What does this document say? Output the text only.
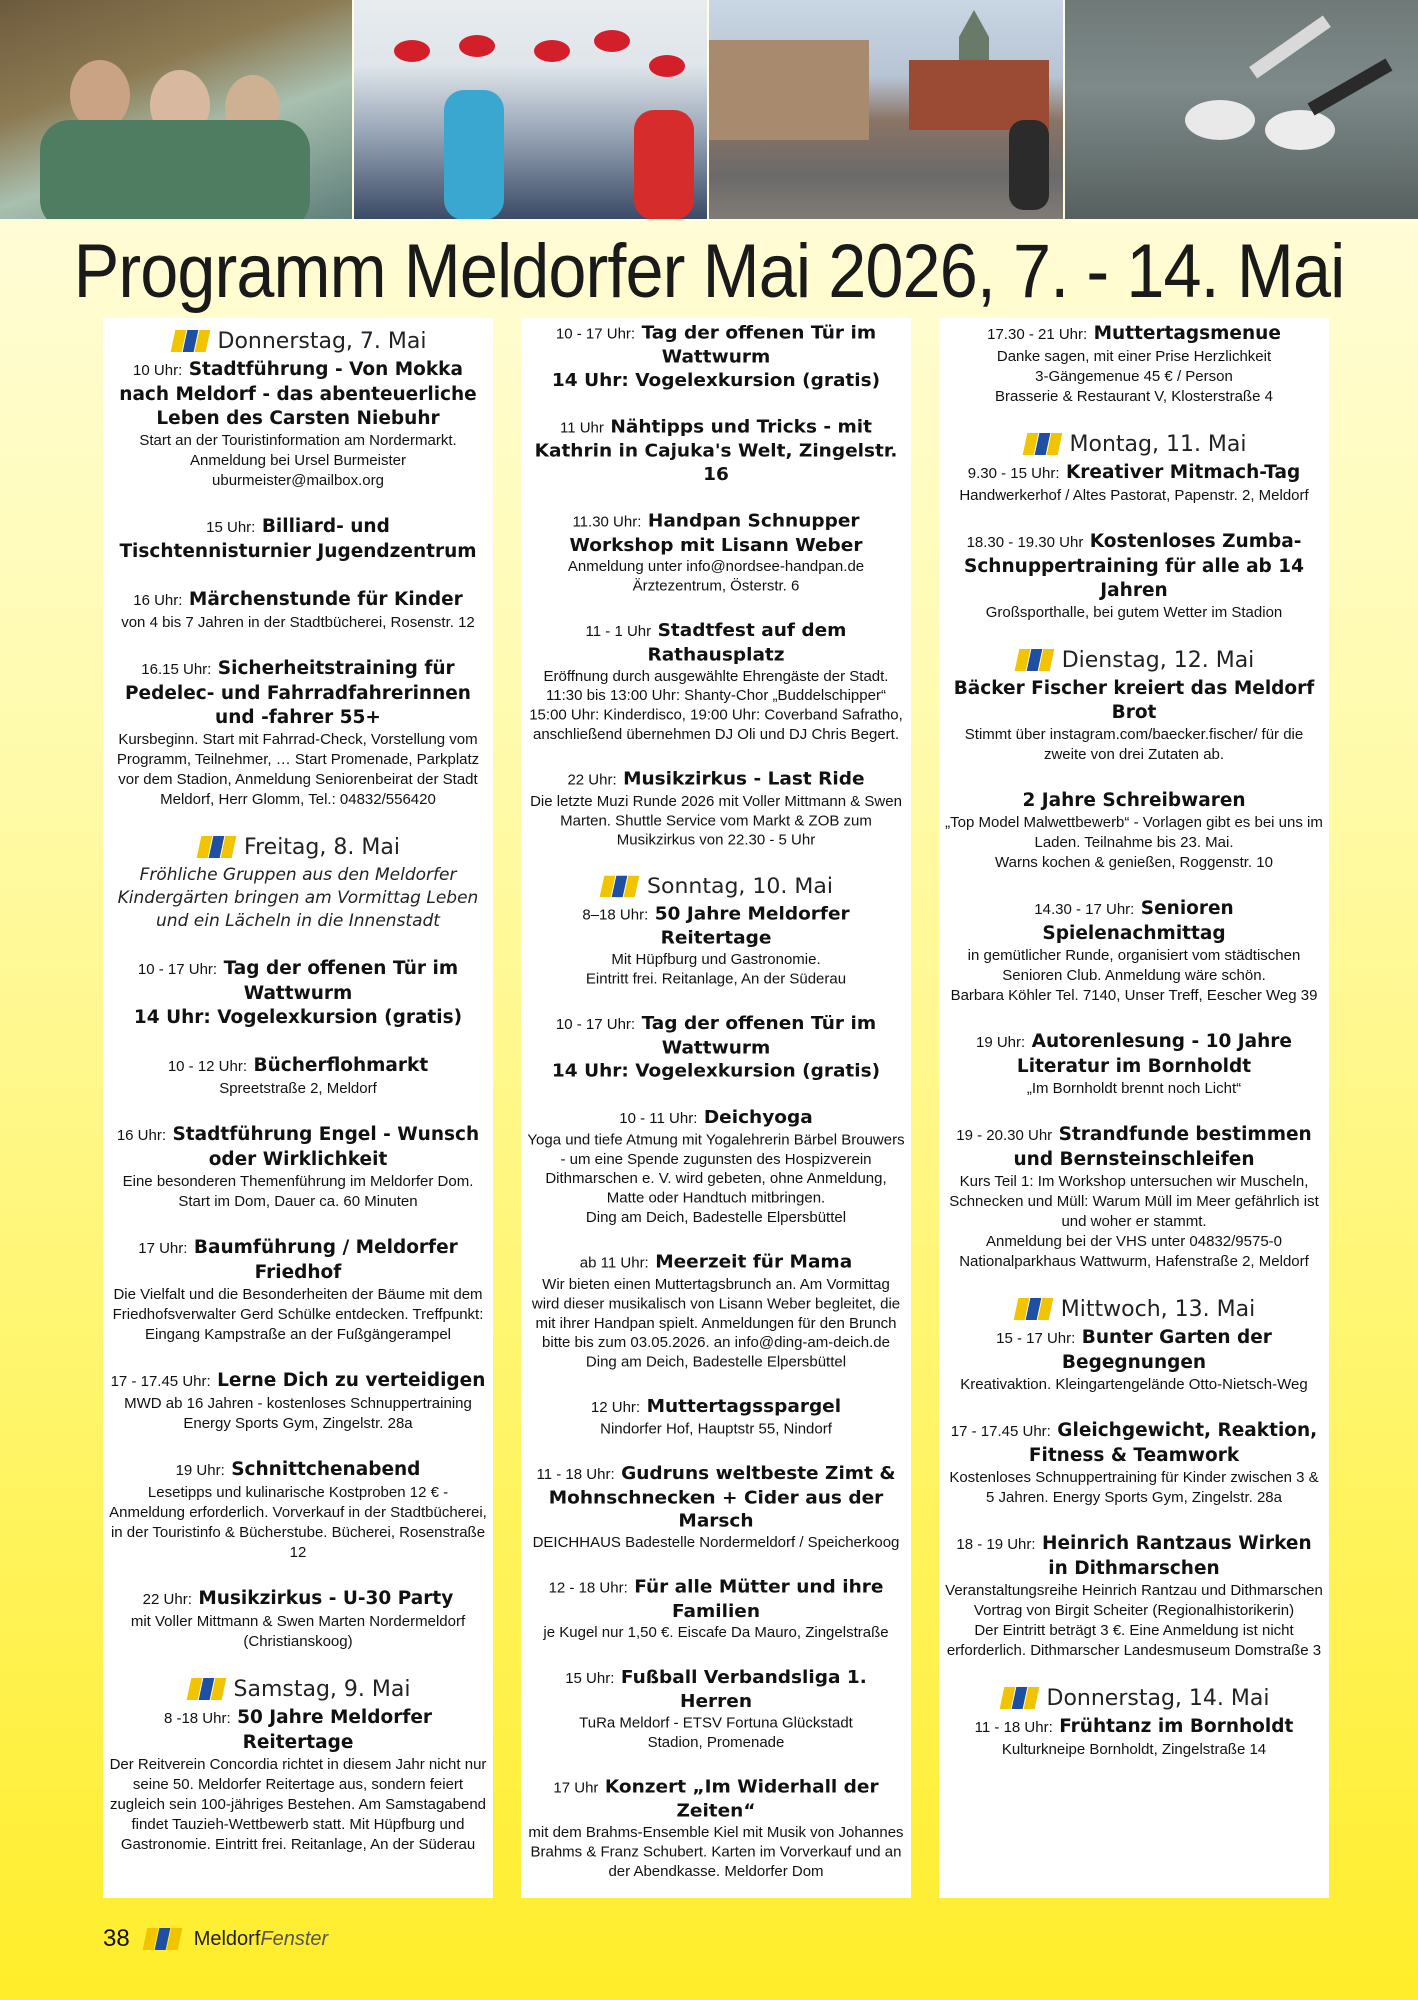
Programm Meldorfer Mai 2026, 7. - 14. Mai
Donnerstag, 7. Mai
10 Uhr: Stadtführung - Von Mokka nach Meldorf - das abenteuerliche Leben des Carsten Niebuhr
Start an der Touristinformation am Nordermarkt.
Anmeldung bei Ursel Burmeister uburmeister@mailbox.org
15 Uhr: Billiard- und Tischtennisturnier Jugendzentrum
16 Uhr: Märchenstunde für Kinder
von 4 bis 7 Jahren in der Stadtbücherei, Rosenstr. 12
16.15 Uhr: Sicherheitstraining für Pedelec- und Fahrradfahrerinnen und -fahrer 55+
Kursbeginn. Start mit Fahrrad-Check, Vorstellung vom Programm, Teilnehmer, … Start Promenade, Parkplatz vor dem Stadion, Anmeldung Seniorenbeirat der Stadt Meldorf, Herr Glomm, Tel.: 04832/556420
Freitag, 8. Mai
Fröhliche Gruppen aus den Meldorfer Kindergärten bringen am Vormittag Leben und ein Lächeln in die Innenstadt
10 - 17 Uhr: Tag der offenen Tür im Wattwurm
14 Uhr: Vogelexkursion (gratis)
10 - 12 Uhr: Bücherflohmarkt
Spreetstraße 2, Meldorf
16 Uhr: Stadtführung Engel - Wunsch oder Wirklichkeit
Eine besonderen Themenführung im Meldorfer Dom. Start im Dom, Dauer ca. 60 Minuten
17 Uhr: Baumführung / Meldorfer Friedhof
Die Vielfalt und die Besonderheiten der Bäume mit dem Friedhofsverwalter Gerd Schülke entdecken. Treffpunkt: Eingang Kampstraße an der Fußgängerampel
17 - 17.45 Uhr: Lerne Dich zu verteidigen
MWD ab 16 Jahren - kostenloses Schnuppertraining Energy Sports Gym, Zingelstr. 28a
19 Uhr: Schnittchenabend
Lesetipps und kulinarische Kostproben 12 € - Anmeldung erforderlich. Vorverkauf in der Stadtbücherei, in der Touristinfo & Bücherstube. Bücherei, Rosenstraße 12
22 Uhr: Musikzirkus - U-30 Party
mit Voller Mittmann & Swen Marten Nordermeldorf (Christianskoog)
Samstag, 9. Mai
8 -18 Uhr: 50 Jahre Meldorfer Reitertage
Der Reitverein Concordia richtet in diesem Jahr nicht nur seine 50. Meldorfer Reitertage aus, sondern feiert zugleich sein 100-jähriges Bestehen. Am Samstagabend findet Tauzieh-Wettbewerb statt. Mit Hüpfburg und Gastronomie. Eintritt frei. Reitanlage, An der Süderau
10 - 17 Uhr: Tag der offenen Tür im Wattwurm
14 Uhr: Vogelexkursion (gratis)
11 Uhr Nähtipps und Tricks - mit Kathrin in Cajuka's Welt, Zingelstr. 16
11.30 Uhr: Handpan Schnupper Workshop mit Lisann Weber
Anmeldung unter info@nordsee-handpan.de
Ärztezentrum, Österstr. 6
11 - 1 Uhr Stadtfest auf dem Rathausplatz
Eröffnung durch ausgewählte Ehrengäste der Stadt.
11:30 bis 13:00 Uhr: Shanty-Chor „Buddelschipper“
15:00 Uhr: Kinderdisco, 19:00 Uhr: Coverband Safratho, anschließend übernehmen DJ Oli und DJ Chris Begert.
22 Uhr: Musikzirkus - Last Ride
Die letzte Muzi Runde 2026 mit Voller Mittmann & Swen Marten. Shuttle Service vom Markt & ZOB zum Musikzirkus von 22.30 - 5 Uhr
Sonntag, 10. Mai
8–18 Uhr: 50 Jahre Meldorfer Reitertage
Mit Hüpfburg und Gastronomie.
Eintritt frei. Reitanlage, An der Süderau
10 - 17 Uhr: Tag der offenen Tür im Wattwurm
14 Uhr: Vogelexkursion (gratis)
10 - 11 Uhr: Deichyoga
Yoga und tiefe Atmung mit Yogalehrerin Bärbel Brouwers - um eine Spende zugunsten des Hospizverein Dithmarschen e. V. wird gebeten, ohne Anmeldung, Matte oder Handtuch mitbringen.
Ding am Deich, Badestelle Elpersbüttel
ab 11 Uhr: Meerzeit für Mama
Wir bieten einen Muttertagsbrunch an. Am Vormittag wird dieser musikalisch von Lisann Weber begleitet, die mit ihrer Handpan spielt. Anmeldungen für den Brunch bitte bis zum 03.05.2026. an info@ding-am-deich.de
Ding am Deich, Badestelle Elpersbüttel
12 Uhr: Muttertagsspargel
Nindorfer Hof, Hauptstr 55, Nindorf
11 - 18 Uhr: Gudruns weltbeste Zimt & Mohnschnecken + Cider aus der Marsch
DEICHHAUS Badestelle Nordermeldorf / Speicherkoog
12 - 18 Uhr: Für alle Mütter und ihre Familien
je Kugel nur 1,50 €. Eiscafe Da Mauro, Zingelstraße
15 Uhr: Fußball Verbandsliga 1. Herren
TuRa Meldorf - ETSV Fortuna Glückstadt
Stadion, Promenade
17 Uhr Konzert „Im Widerhall der Zeiten“
mit dem Brahms-Ensemble Kiel mit Musik von Johannes Brahms & Franz Schubert. Karten im Vorverkauf und an der Abendkasse. Meldorfer Dom
17.30 - 21 Uhr: Muttertagsmenue
Danke sagen, mit einer Prise Herzlichkeit
3-Gängemenue 45 € / Person
Brasserie & Restaurant V, Klosterstraße 4
Montag, 11. Mai
9.30 - 15 Uhr: Kreativer Mitmach-Tag
Handwerkerhof / Altes Pastorat, Papenstr. 2, Meldorf
18.30 - 19.30 Uhr Kostenloses Zumba-Schnuppertraining für alle ab 14 Jahren
Großsporthalle, bei gutem Wetter im Stadion
Dienstag, 12. Mai
Bäcker Fischer kreiert das Meldorf Brot
Stimmt über instagram.com/baecker.fischer/ für die zweite von drei Zutaten ab.
2 Jahre Schreibwaren
„Top Model Malwettbewerb“ - Vorlagen gibt es bei uns im Laden. Teilnahme bis 23. Mai.
Warns kochen & genießen, Roggenstr. 10
14.30 - 17 Uhr: Senioren Spielenachmittag
in gemütlicher Runde, organisiert vom städtischen Senioren Club. Anmeldung wäre schön.
Barbara Köhler Tel. 7140, Unser Treff, Eescher Weg 39
19 Uhr: Autorenlesung - 10 Jahre Literatur im Bornholdt
„Im Bornholdt brennt noch Licht“
19 - 20.30 Uhr Strandfunde bestimmen und Bernsteinschleifen
Kurs Teil 1: Im Workshop untersuchen wir Muscheln, Schnecken und Müll: Warum Müll im Meer gefährlich ist und woher er stammt.
Anmeldung bei der VHS unter 04832/9575-0
Nationalparkhaus Wattwurm, Hafenstraße 2, Meldorf
Mittwoch, 13. Mai
15 - 17 Uhr: Bunter Garten der Begegnungen
Kreativaktion. Kleingartengelände Otto-Nietsch-Weg
17 - 17.45 Uhr: Gleichgewicht, Reaktion, Fitness & Teamwork
Kostenloses Schnuppertraining für Kinder zwischen 3 & 5 Jahren. Energy Sports Gym, Zingelstr. 28a
18 - 19 Uhr: Heinrich Rantzaus Wirken in Dithmarschen
Veranstaltungsreihe Heinrich Rantzau und Dithmarschen Vortrag von Birgit Scheiter (Regionalhistorikerin)
Der Eintritt beträgt 3 €. Eine Anmeldung ist nicht erforderlich. Dithmarscher Landesmuseum Domstraße 3
Donnerstag, 14. Mai
11 - 18 Uhr: Frühtanz im Bornholdt
Kulturkneipe Bornholdt, Zingelstraße 14
38	MeldorfFenster
